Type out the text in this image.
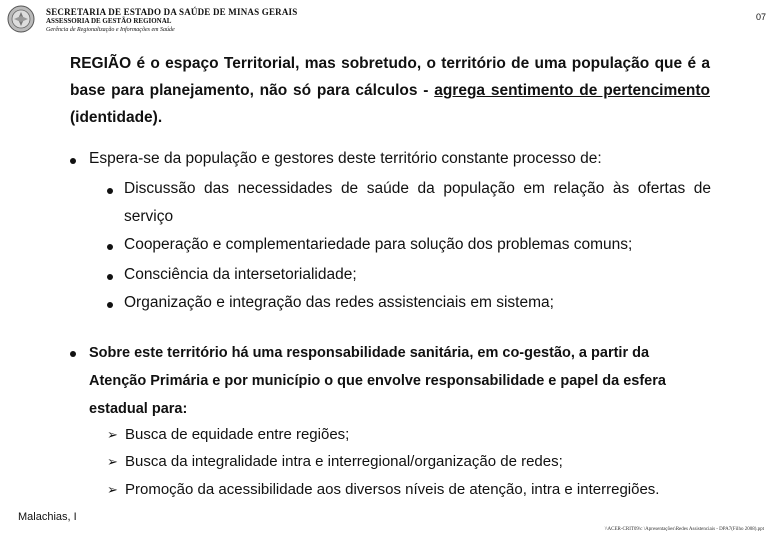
SECRETARIA DE ESTADO DA SAÚDE DE MINAS GERAIS
ASSESSORIA DE GESTÃO REGIONAL
Gerência de Regionalização e Informações em Saúde
07
REGIÃO é o espaço Territorial, mas sobretudo, o território de uma população que é a base para planejamento, não só para cálculos - agrega sentimento de pertencimento (identidade).
Espera-se da população e gestores deste território constante processo de:
Discussão das necessidades de saúde da população em relação às ofertas de serviço
Cooperação e complementariedade para solução dos problemas comuns;
Consciência da intersetorialidade;
Organização e integração das redes assistenciais em sistema;
Sobre este território há uma responsabilidade sanitária, em co-gestão, a partir da Atenção Primária e por município o que envolve responsabilidade e papel da esfera estadual para:
➢ Busca de equidade entre regiões;
➢ Busca da integralidade intra e interregional/organização de redes;
➢ Promoção da acessibilidade aos diversos níveis de atenção, intra e interregiões.
Malachias, I
\\ACER-CRIT09\c \Apresentações\Redes Assistenciais - DPA7(Filho 2008).ppt
